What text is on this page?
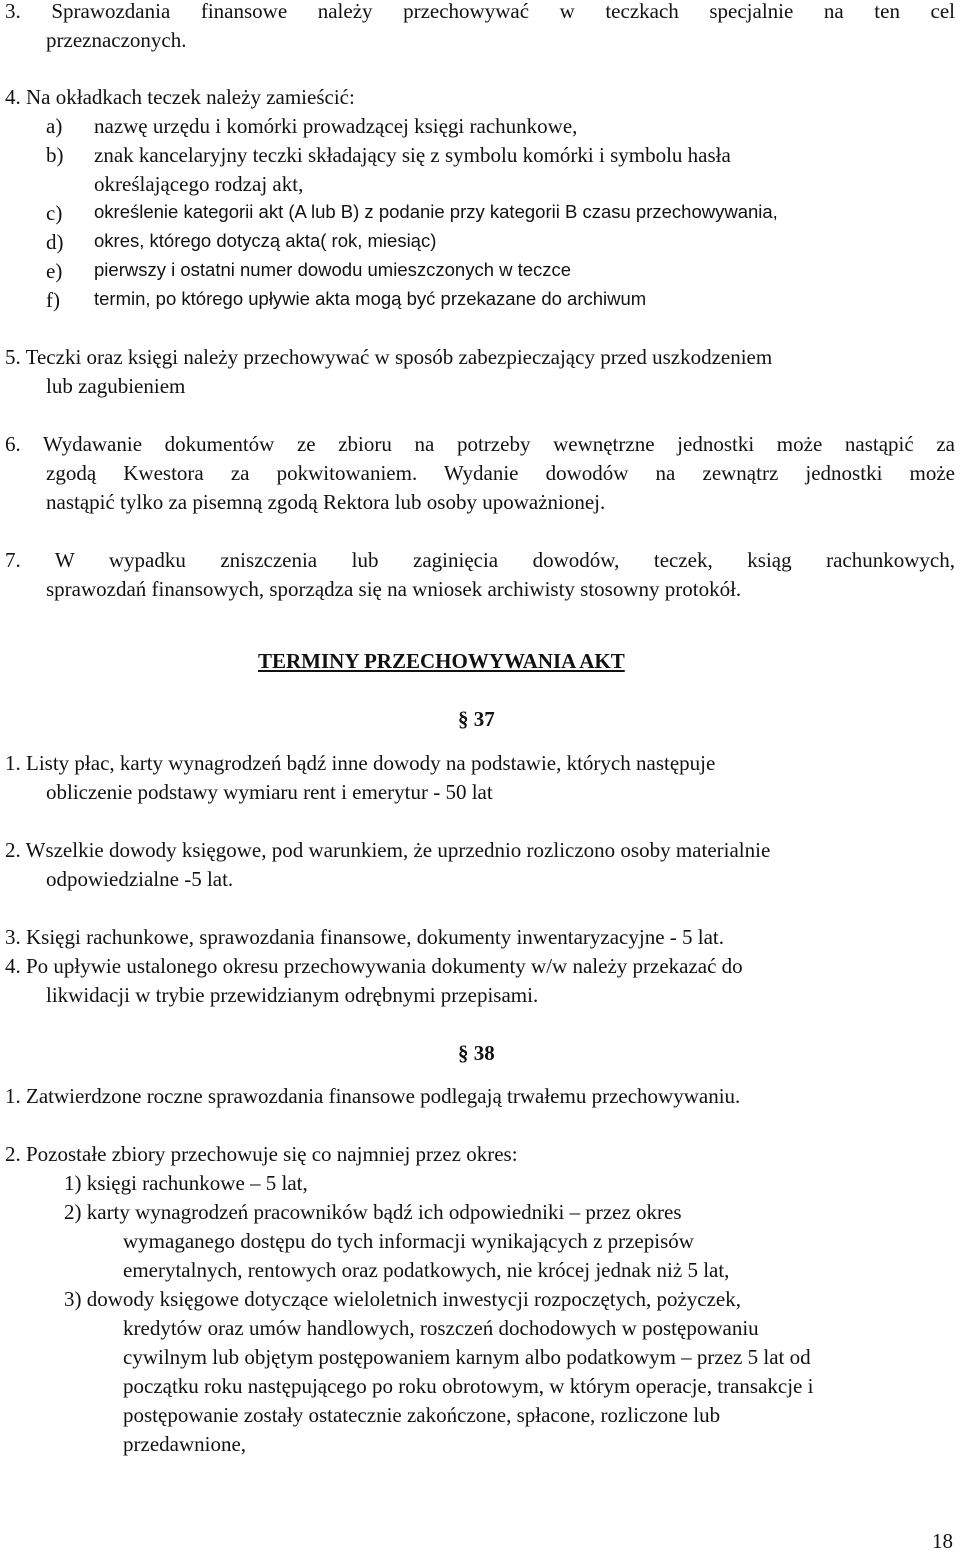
3. Sprawozdania finansowe należy przechowywać w teczkach specjalnie na ten cel
przeznaczonych.
4. Na okładkach teczek należy zamieścić:
a) nazwę urzędu i komórki prowadzącej księgi rachunkowe,
b) znak kancelaryjny teczki składający się z symbolu komórki i symbolu hasła
określającego rodzaj akt,
c) określenie kategorii akt (A lub B) z podanie przy kategorii B czasu przechowywania,
d) okres, którego dotyczą akta( rok, miesiąc)
e) pierwszy i ostatni numer dowodu umieszczonych w teczce
f) termin, po którego upływie akta mogą być przekazane do archiwum
5. Teczki oraz księgi należy przechowywać w sposób zabezpieczający przed uszkodzeniem
lub zagubieniem
6. Wydawanie dokumentów ze zbioru na potrzeby wewnętrzne jednostki może nastąpić za
zgodą Kwestora za pokwitowaniem. Wydanie dowodów na zewnątrz jednostki może
nastąpić tylko za pisemną zgodą Rektora lub osoby upoważnionej.
7. W wypadku zniszczenia lub zaginięcia dowodów, teczek, ksiąg rachunkowych,
sprawozdań finansowych, sporządza się na wniosek archiwisty stosowny protokół.
TERMINY PRZECHOWYWANIA AKT
§ 37
1. Listy płac, karty wynagrodzeń bądź inne dowody na podstawie, których następuje
obliczenie podstawy wymiaru rent i emerytur - 50 lat
2. Wszelkie dowody księgowe, pod warunkiem, że uprzednio rozliczono osoby materialnie
odpowiedzialne -5 lat.
3. Księgi rachunkowe, sprawozdania finansowe, dokumenty inwentaryzacyjne - 5 lat.
4. Po upływie ustalonego okresu przechowywania dokumenty w/w należy przekazać do
likwidacji w trybie przewidzianym odrębnymi przepisami.
§ 38
1. Zatwierdzone roczne sprawozdania finansowe podlegają trwałemu przechowywaniu.
2. Pozostałe zbiory przechowuje się co najmniej przez okres:
1) księgi rachunkowe – 5 lat,
2) karty wynagrodzeń pracowników bądź ich odpowiedniki – przez okres
wymaganego dostępu do tych informacji wynikających z przepisów
emerytalnych, rentowych oraz podatkowych, nie krócej jednak niż 5 lat,
3) dowody księgowe dotyczące wieloletnich inwestycji rozpoczętych, pożyczek,
kredytów oraz umów handlowych, roszczeń dochodowych w postępowaniu
cywilnym lub objętym postępowaniem karnym albo podatkowym – przez 5 lat od
początku roku następującego po roku obrotowym, w którym operacje, transakcje i
postępowanie zostały ostatecznie zakończone, spłacone, rozliczone lub
przedawnione,
18
